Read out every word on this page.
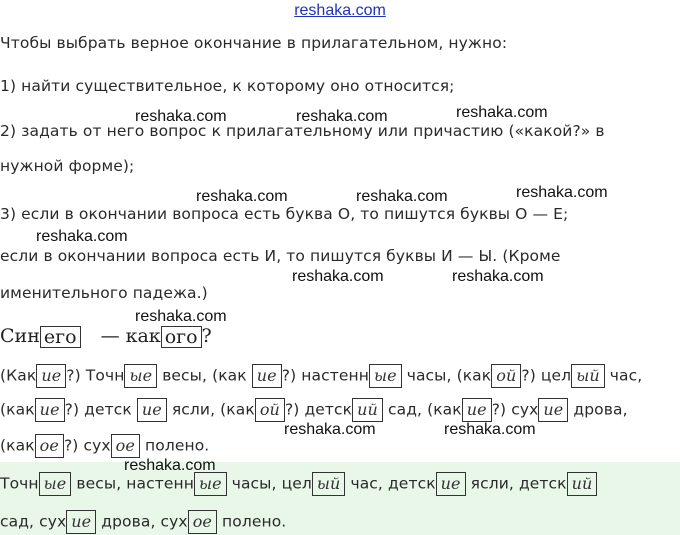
reshaka.com
Чтобы выбрать верное окончание в прилагательном, нужно:
1) найти существительное, к которому оно относится;
2) задать от него вопрос к прилагательному или причастию («какой?» в
нужной форме);
3) если в окончании вопроса есть буква О, то пишутся буквы О — Е;
если в окончании вопроса есть И, то пишутся буквы И — Ы. (Кроме
именительного падежа.)
Син его — как ого ?
(Как ие ?) Точн ые весы, (как ие ?) настенн ые часы, (как ой ?) цел ый час,
(как ие ?) детск ие ясли, (как ой ?) детск ий сад, (как ие ?) сух ие дрова,
(как ое ?) сух ое полено.
Точн ые весы, настенн ые часы, цел ый час, детск ие ясли, детск ий
сад, сух ие дрова, сух ое полено.
reshaka.com	reshaka.com	reshaka.com
reshaka.com	reshaka.com	reshaka.com
reshaka.com
reshaka.com	reshaka.com
reshaka.com
reshaka.com	reshaka.com
reshaka.com
